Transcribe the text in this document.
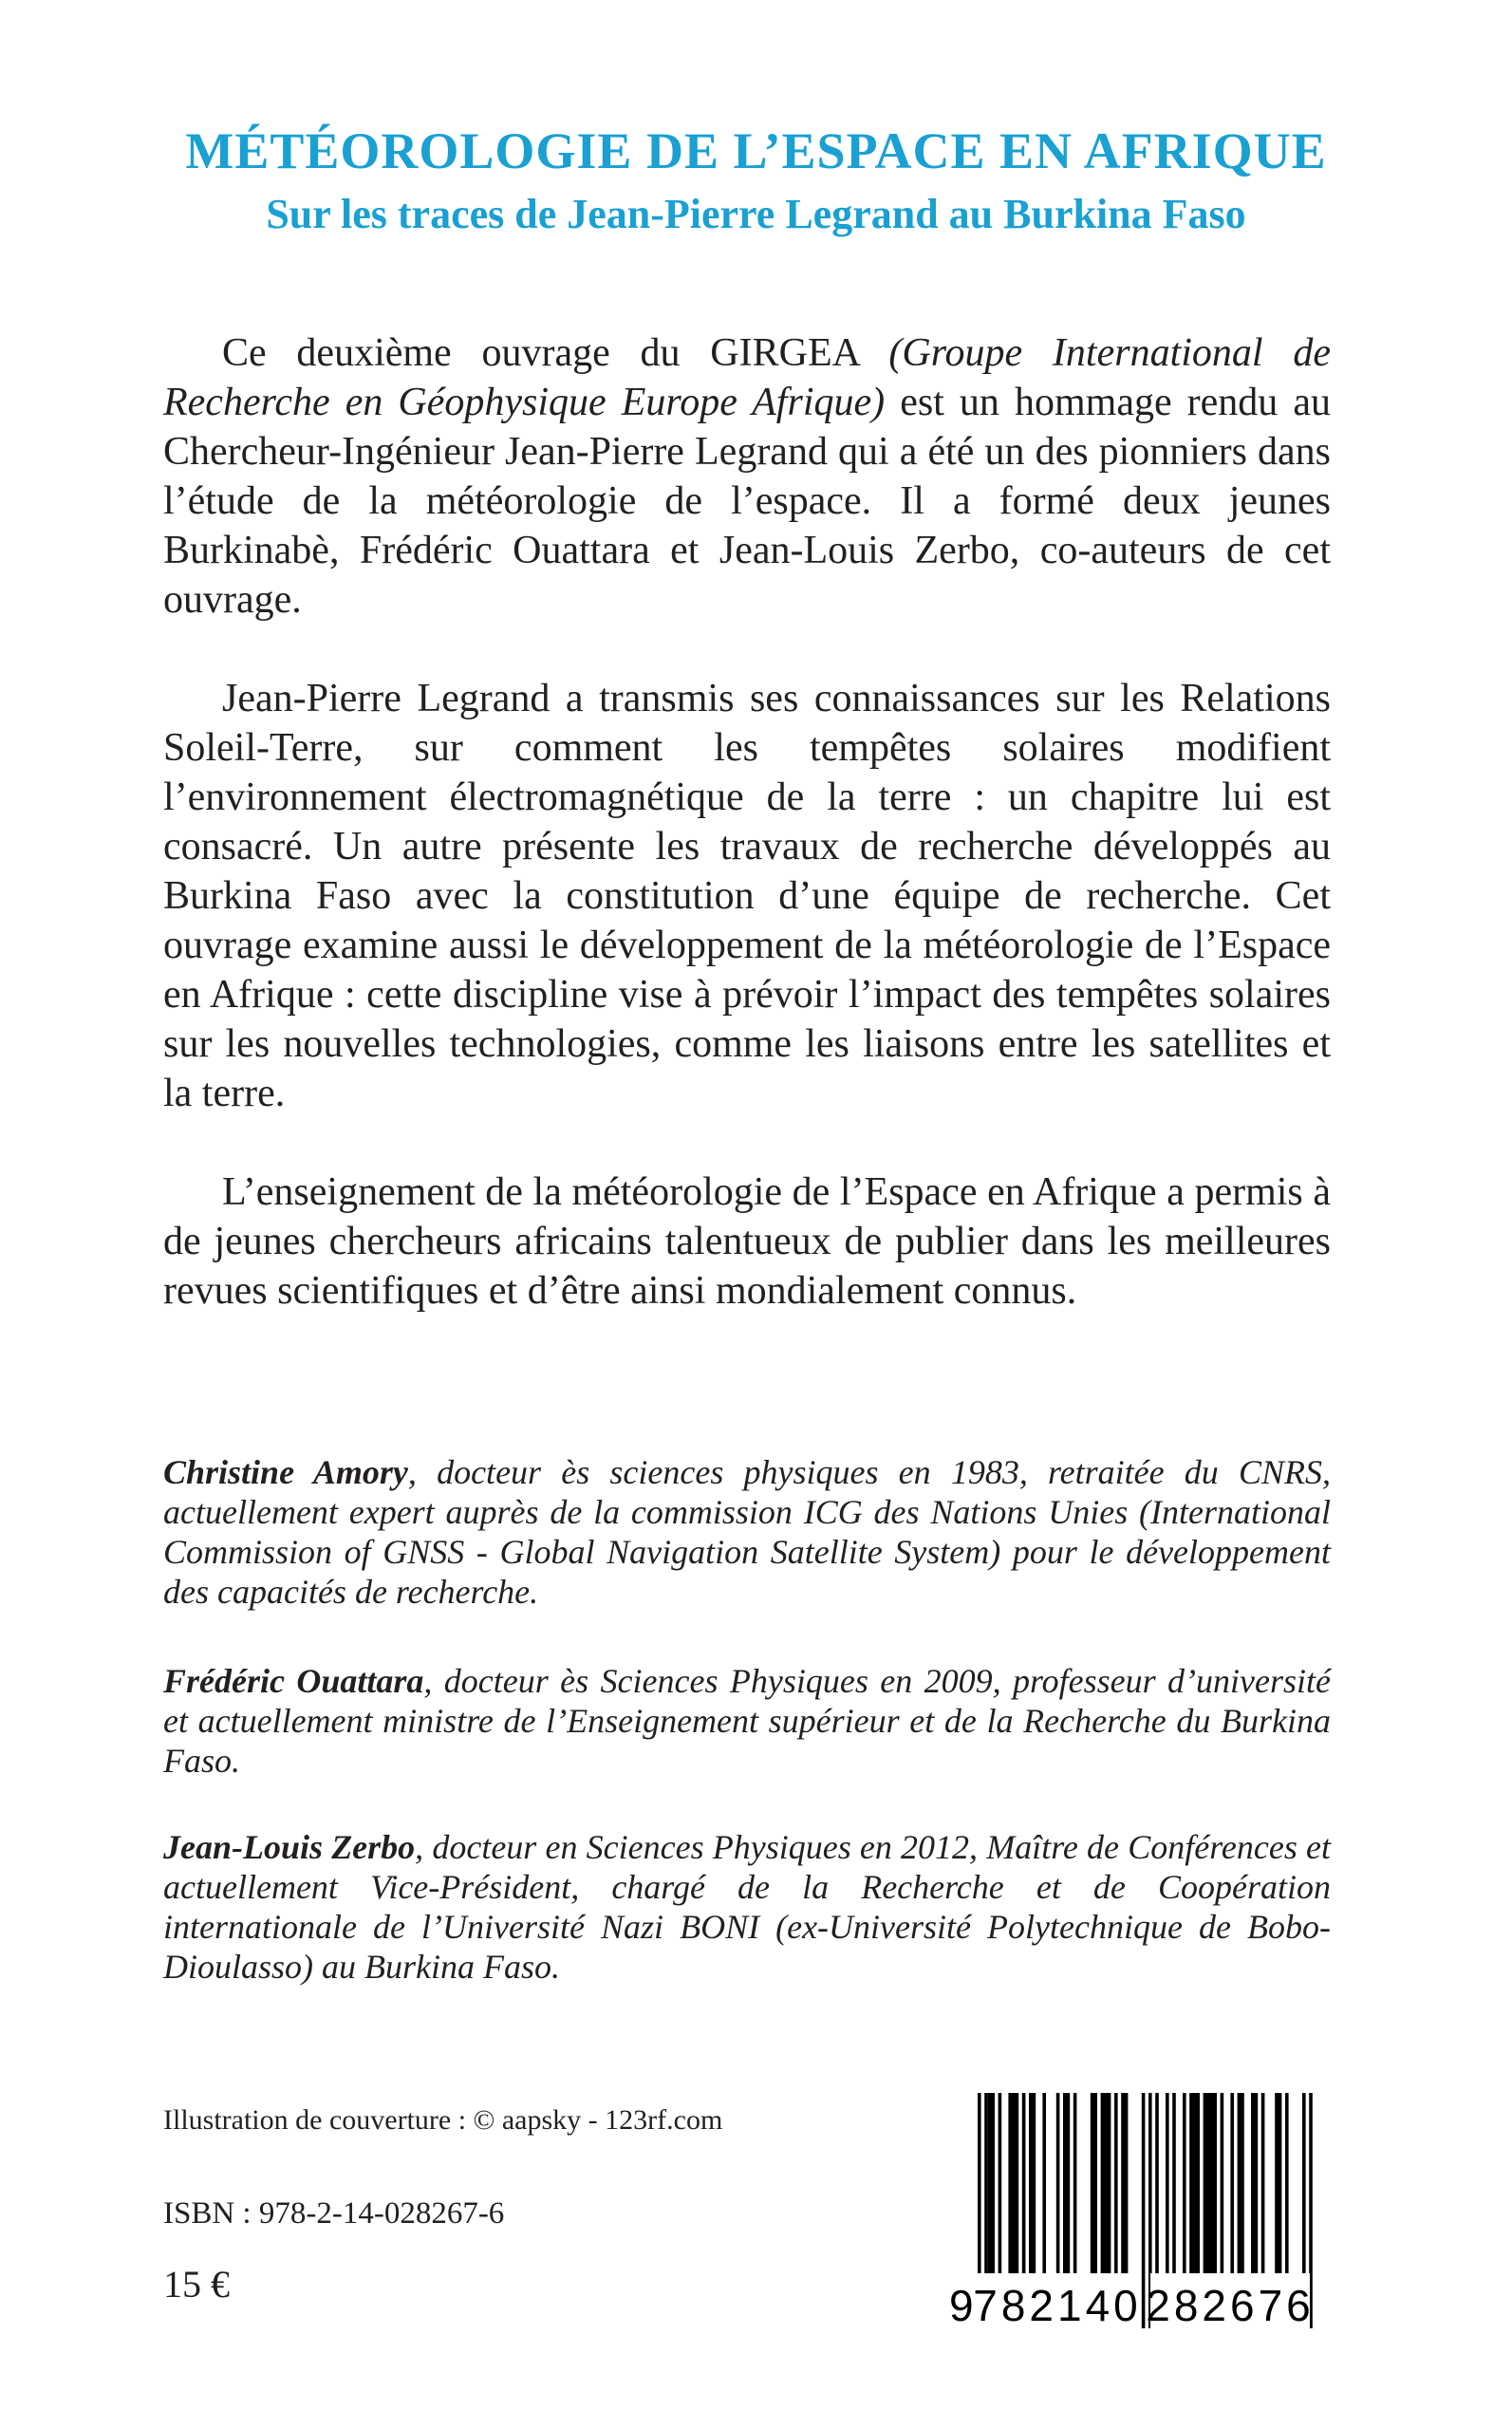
MÉTÉOROLOGIE DE L’ESPACE EN AFRIQUE
Sur les traces de Jean-Pierre Legrand au Burkina Faso

Ce deuxième ouvrage du GIRGEA (Groupe International de Recherche en Géophysique Europe Afrique) est un hommage rendu au Chercheur-Ingénieur Jean-Pierre Legrand qui a été un des pionniers dans l’étude de la météorologie de l’espace. Il a formé deux jeunes Burkinabè, Frédéric Ouattara et Jean-Louis Zerbo, co-auteurs de cet ouvrage.

Jean-Pierre Legrand a transmis ses connaissances sur les Relations Soleil-Terre, sur comment les tempêtes solaires modifient l’environnement électromagnétique de la terre : un chapitre lui est consacré. Un autre présente les travaux de recherche développés au Burkina Faso avec la constitution d’une équipe de recherche. Cet ouvrage examine aussi le développement de la météorologie de l’Espace en Afrique : cette discipline vise à prévoir l’impact des tempêtes solaires sur les nouvelles technologies, comme les liaisons entre les satellites et la terre.

L’enseignement de la météorologie de l’Espace en Afrique a permis à de jeunes chercheurs africains talentueux de publier dans les meilleures revues scientifiques et d’être ainsi mondialement connus.

Christine Amory, docteur ès sciences physiques en 1983, retraitée du CNRS, actuellement expert auprès de la commission ICG des Nations Unies (International Commission of GNSS - Global Navigation Satellite System) pour le développement des capacités de recherche.

Frédéric Ouattara, docteur ès Sciences Physiques en 2009, professeur d’université et actuellement ministre de l’Enseignement supérieur et de la Recherche du Burkina Faso.

Jean-Louis Zerbo, docteur en Sciences Physiques en 2012, Maître de Conférences et actuellement Vice-Président, chargé de la Recherche et de Coopération internationale de l’Université Nazi BONI (ex-Université Polytechnique de Bobo-Dioulasso) au Burkina Faso.

Illustration de couverture : © aapsky - 123rf.com

ISBN : 978-2-14-028267-6

15 €	9 782140 282676
